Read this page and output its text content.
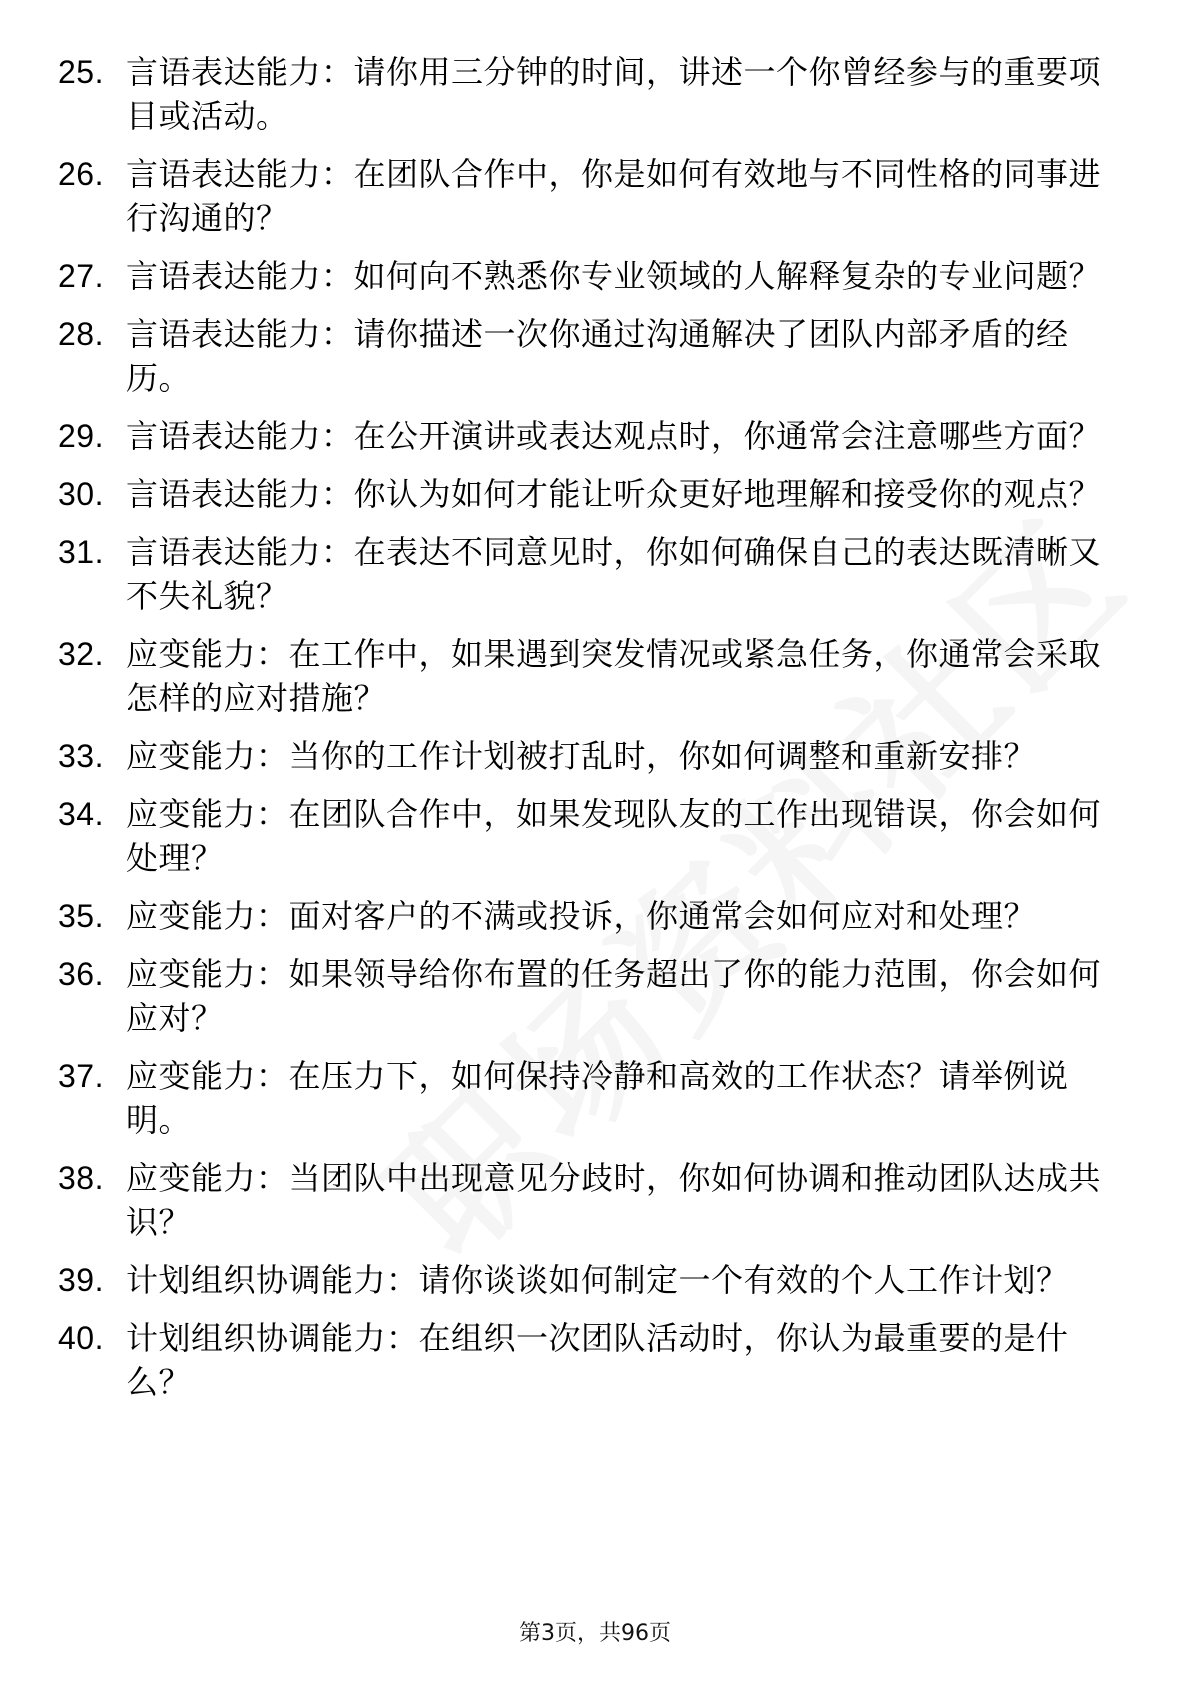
25. 言语表达能力：请你用三分钟的时间，讲述一个你曾经参与的重要项目或活动。
26. 言语表达能力：在团队合作中，你是如何有效地与不同性格的同事进行沟通的？
27. 言语表达能力：如何向不熟悉你专业领域的人解释复杂的专业问题？
28. 言语表达能力：请你描述一次你通过沟通解决了团队内部矛盾的经历。
29. 言语表达能力：在公开演讲或表达观点时，你通常会注意哪些方面？
30. 言语表达能力：你认为如何才能让听众更好地理解和接受你的观点？
31. 言语表达能力：在表达不同意见时，你如何确保自己的表达既清晰又不失礼貌？
32. 应变能力：在工作中，如果遇到突发情况或紧急任务，你通常会采取怎样的应对措施？
33. 应变能力：当你的工作计划被打乱时，你如何调整和重新安排？
34. 应变能力：在团队合作中，如果发现队友的工作出现错误，你会如何处理？
35. 应变能力：面对客户的不满或投诉，你通常会如何应对和处理？
36. 应变能力：如果领导给你布置的任务超出了你的能力范围，你会如何应对？
37. 应变能力：在压力下，如何保持冷静和高效的工作状态？请举例说明。
38. 应变能力：当团队中出现意见分歧时，你如何协调和推动团队达成共识？
39. 计划组织协调能力：请你谈谈如何制定一个有效的个人工作计划？
40. 计划组织协调能力：在组织一次团队活动时，你认为最重要的是什么？
第3页，共96页
